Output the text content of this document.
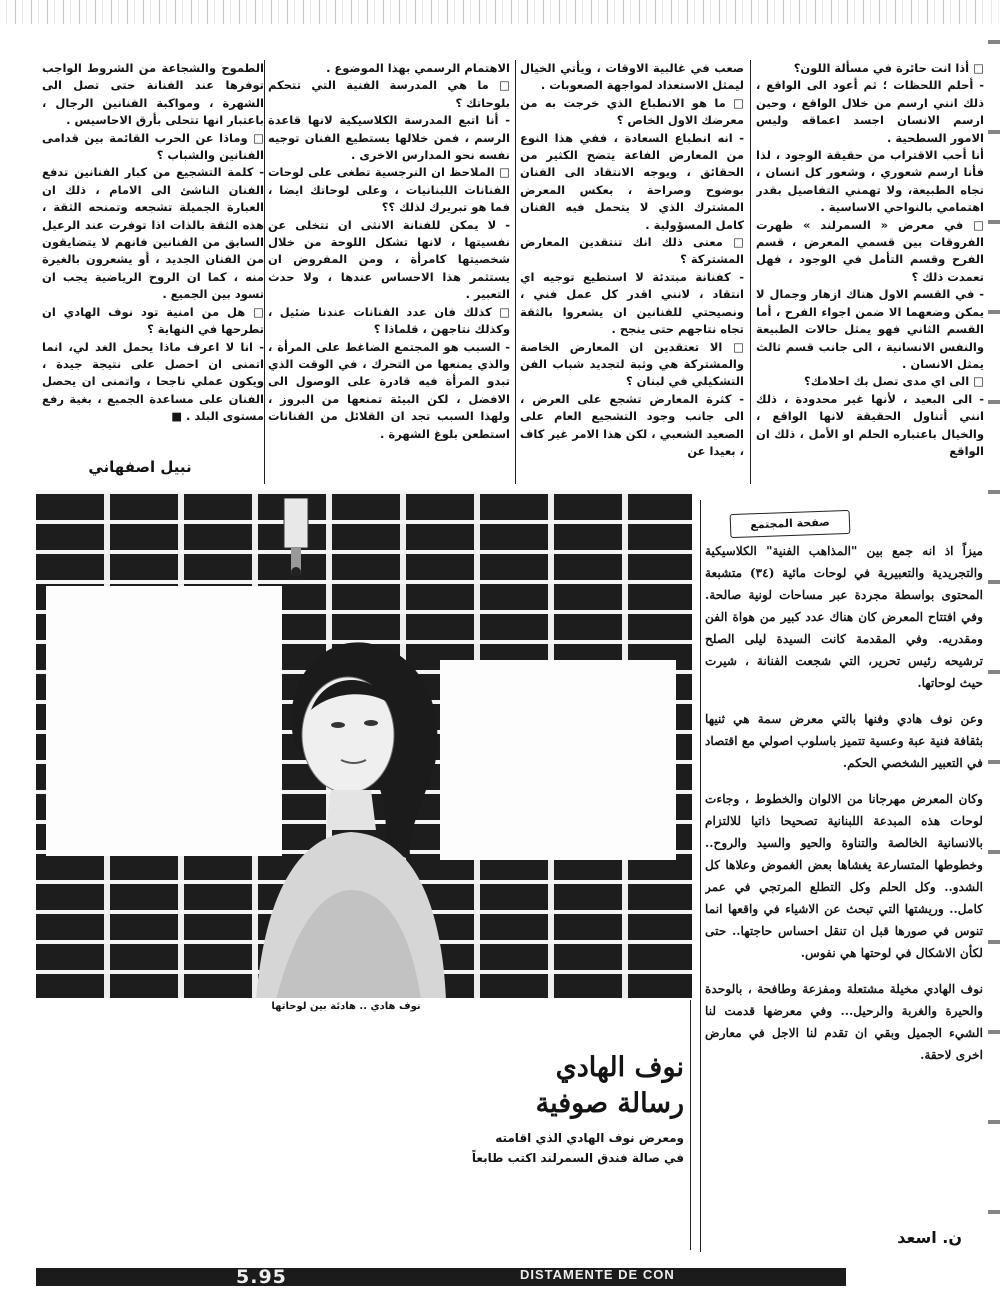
□ أذا انت حائرة في مسألة اللون؟

- أحلم اللحظات ؛ ثم أعود الى الواقع ، ذلك انني ارسم من خلال الواقع ، وحين ارسم الانسان اجسد اعماقه وليس الامور السطحية .

أنا أحب الاقتراب من حقيقة الوجود ، لذا فأنا ارسم شعوري ، وشعور كل انسان ، تجاه الطبيعة، ولا تهمني التفاصيل بقدر اهتمامي بالنواحي الاساسية .

□ في معرض « السمرلند » ظهرت الفروقات بين قسمي المعرض ، قسم الفرح وقسم التأمل في الوجود ، فهل تعمدت ذلك ؟

- في القسم الاول هناك ازهار وجمال لا يمكن وضعهما الا ضمن اجواء الفرح ، أما القسم الثاني فهو يمثل حالات الطبيعة والنفس الانسانية ، الى جانب قسم ثالث يمثل الانسان .

□ الى اي مدى تصل بك احلامك؟

- الى البعيد ، لأنها غير محدودة ، ذلك انني أتناول الحقيقة لانها الواقع ، والخيال باعتباره الحلم او الأمل ، ذلك ان الواقع

صعب في غالبية الاوقات ، ويأتي الخيال ليمثل الاستعداد لمواجهة الصعوبات .

□ ما هو الانطباع الذي خرجت به من معرضك الاول الخاص ؟

- انه انطباع السعادة ، ففي هذا النوع من المعارض الفاعة يتضح الكثير من الحقائق ، ويوجه الانتقاد الى الفنان بوضوح وصراحة ، بعكس المعرض المشترك الذي لا يتحمل فيه الفنان كامل المسؤولية .

□ معنى ذلك انك تنتقدين المعارض المشتركة ؟

- كفنانة مبتدئة لا استطيع توجيه اي انتقاد ، لانني اقدر كل عمل فني ، ونصيحتي للفنانين ان يشعروا بالثقة تجاه نتاجهم حتى ينجح .

□ الا تعتقدين ان المعارض الخاصة والمشتركة هي وثبة لتجديد شباب الفن التشكيلي في لبنان ؟

- كثرة المعارض تشجع على العرض ، الى جانب وجود التشجيع العام على الصعيد الشعبي ، لكن هذا الامر غير كاف ، بعيدا عن

الاهتمام الرسمي بهذا الموضوع .

□ ما هي المدرسة الفنية التي تتحكم بلوحاتك ؟

- أنا اتبع المدرسة الكلاسيكية لانها قاعدة الرسم ، فمن خلالها يستطيع الفنان توجيه نفسه نحو المدارس الاخرى .

□ الملاحظ ان النرجسية تطغى على لوحات الفنانات اللبنانيات ، وعلى لوحاتك ايضا ، فما هو تبريرك لذلك ؟؟

- لا يمكن للفنانة الانثى ان تتخلى عن نفسيتها ، لانها تشكل اللوحة من خلال شخصيتها كامرأة ، ومن المفروض ان يستثمر هذا الاحساس عندها ، ولا حدث التعبير .

□ كذلك فان عدد الفنانات عندنا ضئيل ، وكذلك نتاجهن ، قلماذا ؟

- السبب هو المجتمع الضاغط على المرأة ، والذي يمنعها من التحرك ، في الوقت الذي تبدو المرأة فيه قادرة على الوصول الى الافضل ، لكن البيئة تمنعها من البروز ، ولهذا السبب تجد ان القلائل من الفنانات استطعن بلوغ الشهرة .

الطموح والشجاعة من الشروط الواجب توفرها عند الفنانة حتى تصل الى الشهرة ، ومواكبة الفنانين الرجال ، باعتبار انها تتحلى بأرق الاحاسيس .

□ وماذا عن الحرب القائمة بين قدامى الفنانين والشباب ؟

- كلمة التشجيع من كبار الفنانين تدفع الفنان الناشئ الى الامام ، ذلك ان العبارة الجميلة تشجعه وتمنحه الثقة ، هذه الثقة بالذات اذا توفرت عند الرعيل السابق من الفنانين فانهم لا يتضايقون من الفنان الجديد ، أو يشعرون بالغيرة منه ، كما ان الروح الرياضية يجب ان تسود بين الجميع .

□ هل من امنية تود نوف الهادي ان تطرحها في النهاية ؟

- انا لا اعرف ماذا يحمل الغد لي، انما اتمنى ان احصل على نتيجة جيدة ، ويكون عملي ناجحا ، واتمنى ان يحصل الفنان على مساعدة الجميع ، بغية رفع مستوى البلد . ■

نبيل اصفهاني
نوف هادي .. هادئة بين لوحاتها
صفحة المجتمع

ميزاً اذ انه جمع بين "المذاهب الفنية" الكلاسيكية والتجريدية والتعبيرية في لوحات مائية (٣٤) متشبعة المحتوى بواسطة مجردة عبر مساحات لونية صالحة. وفي افتتاح المعرض كان هناك عدد كبير من هواة الفن ومقدريه. وفي المقدمة كانت السيدة ليلى الصلح ترشيحه رئيس تحرير، التي شجعت الفنانة ، شيرت حيث لوحاتها.

وعن نوف هادي وفنها بالتي معرض سمة هي ثنيها بثقافة فنية عبة وعسية تتميز باسلوب اصولي مع اقتصاد في التعبير الشخصي الحكم.

وكان المعرض مهرجانا من الالوان والخطوط ، وجاءت لوحات هذه المبدعة اللبنانية تصحيحا ذاتيا للالتزام بالانسانية الخالصة والتناوة والحيو والسيد والروح.. وخطوطها المتسارعة يغشاها بعض الغموض وعلاها كل الشدو.. وكل الحلم وكل التطلع المرتجي في عمر كامل.. وريشتها التي تبحث عن الاشياء في واقعها انما تنوس في صورها قبل ان تنقل احساس حاجتها.. حتى لكأن الاشكال في لوحتها هي نفوس.

نوف الهادي مخيلة مشتعلة ومفزعة وطافحة ، بالوحدة والحيرة والغربة والرحيل... وفي معرضها قدمت لنا الشيء الجميل وبقي ان تقدم لنا الاجل في معارض اخرى لاحقة.

ن. اسعد
نوف الهادي
رسالة صوفية
ومعرض نوف الهادي الذي اقامته
في صالة فندق السمرلند اكتب طابعاً
5.95	DISTAMENTE DE CON
